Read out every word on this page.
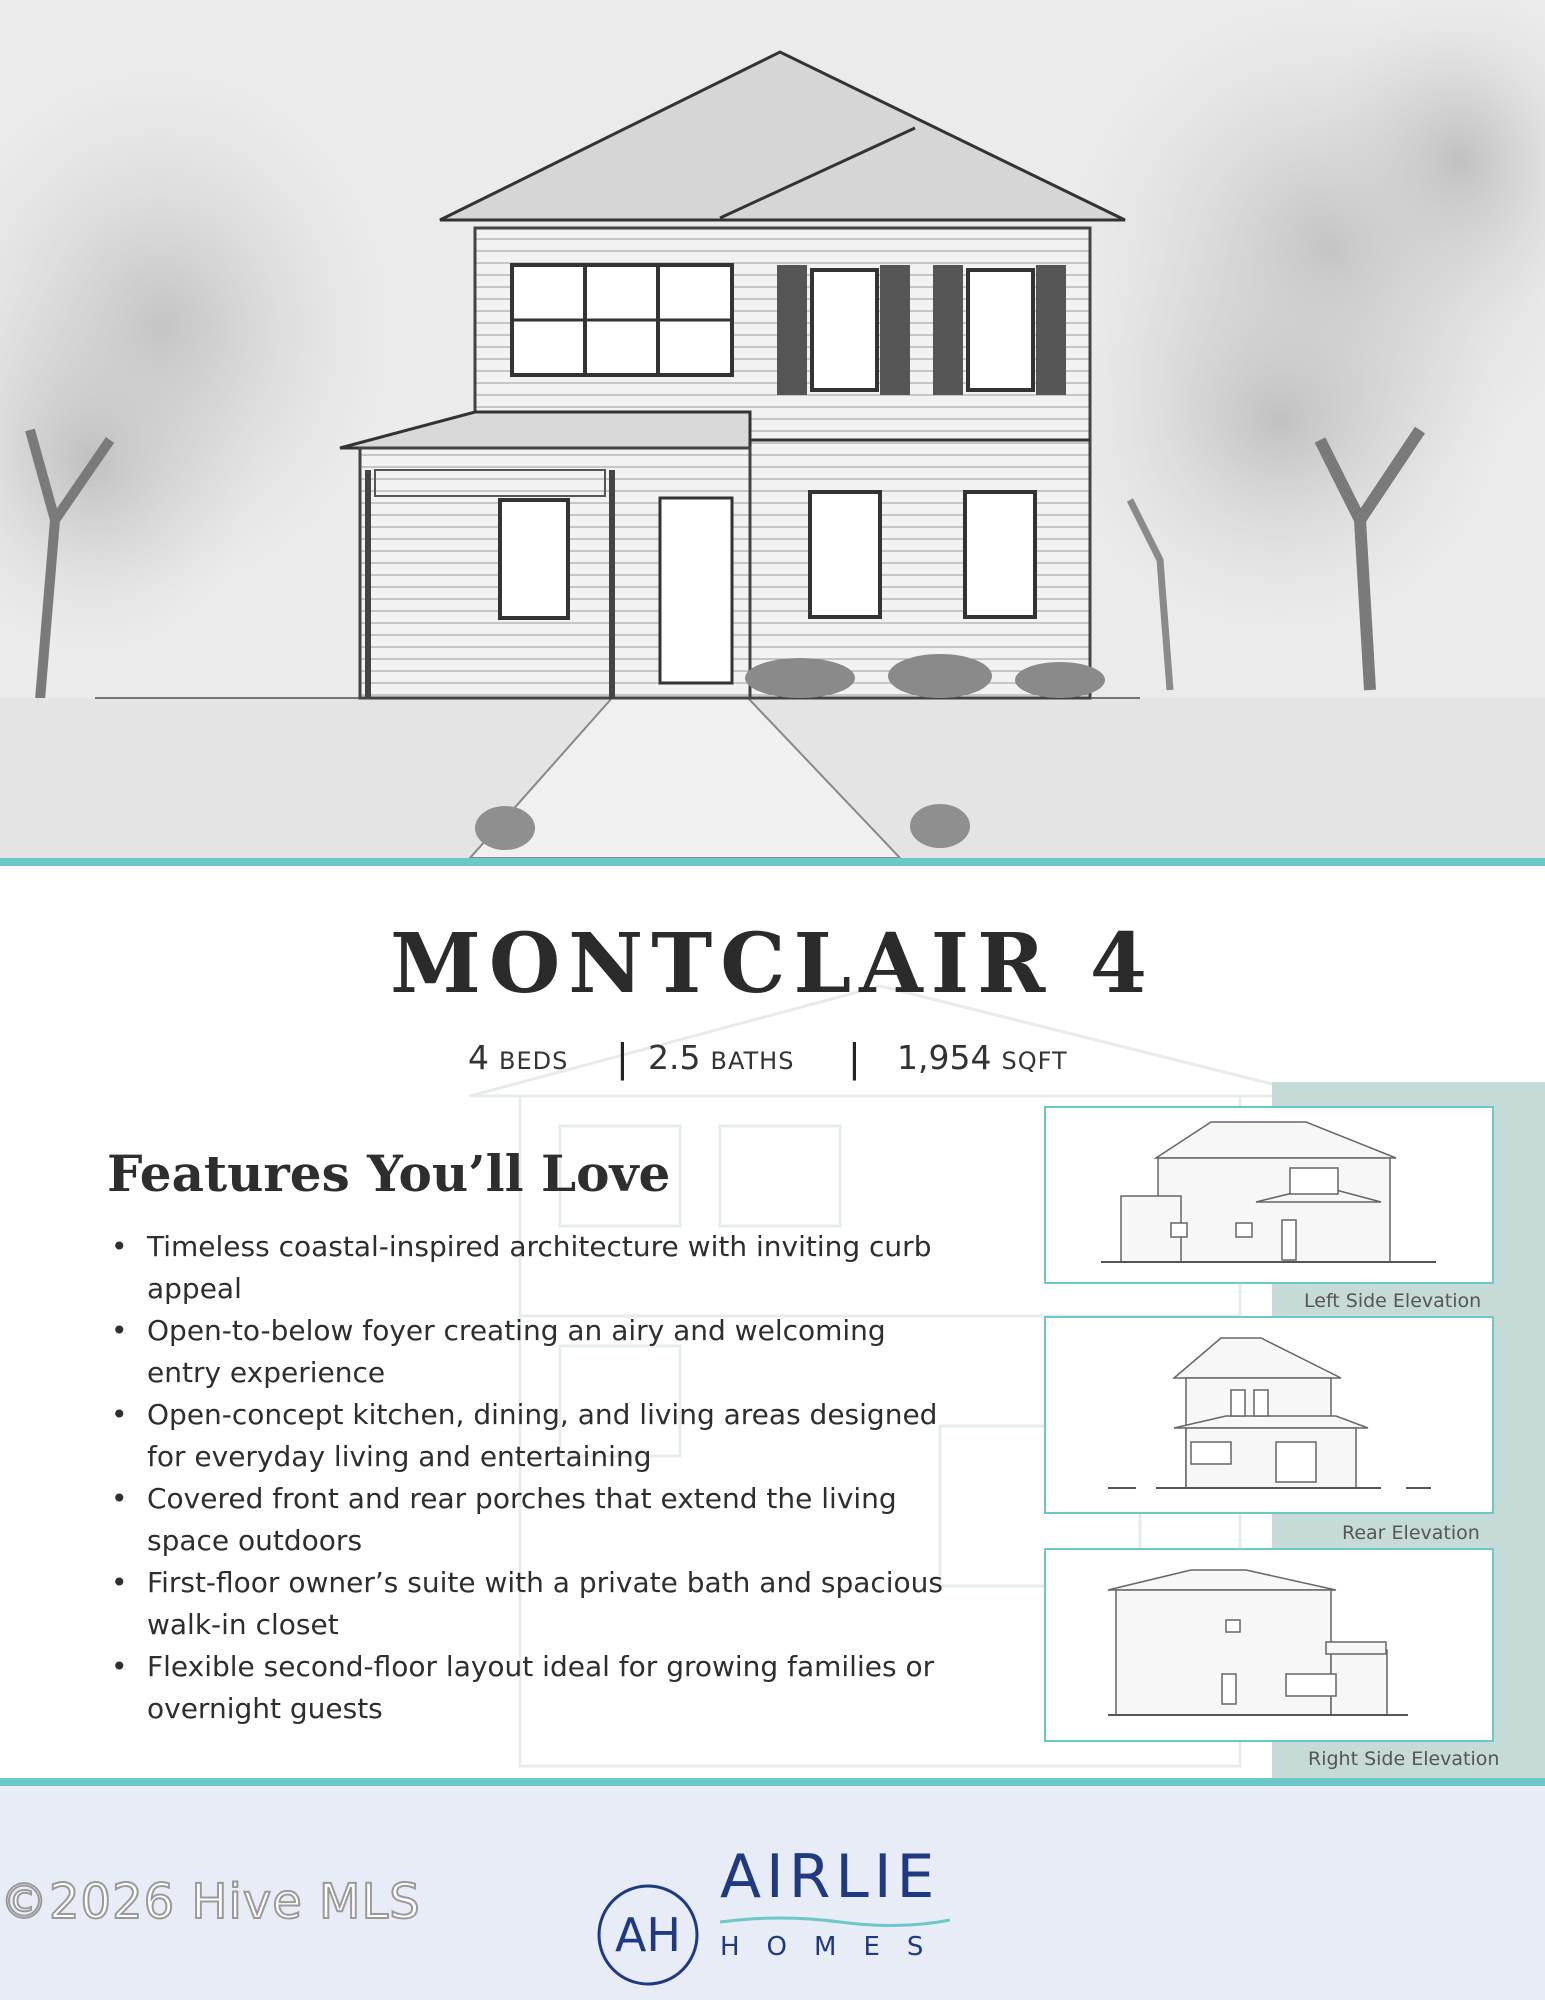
MONTCLAIR 4
4 BEDS | 2.5 BATHS | 1,954 SQFT
Features You’ll Love
• Timeless coastal-inspired architecture with inviting curb appeal
• Open-to-below foyer creating an airy and welcoming entry experience
• Open-concept kitchen, dining, and living areas designed for everyday living and entertaining
• Covered front and rear porches that extend the living space outdoors
• First-floor owner’s suite with a private bath and spacious walk-in closet
• Flexible second-floor layout ideal for growing families or overnight guests
Left Side Elevation
Rear Elevation
Right Side Elevation
©2026 Hive MLS
AH
AIRLIE
HOMES
